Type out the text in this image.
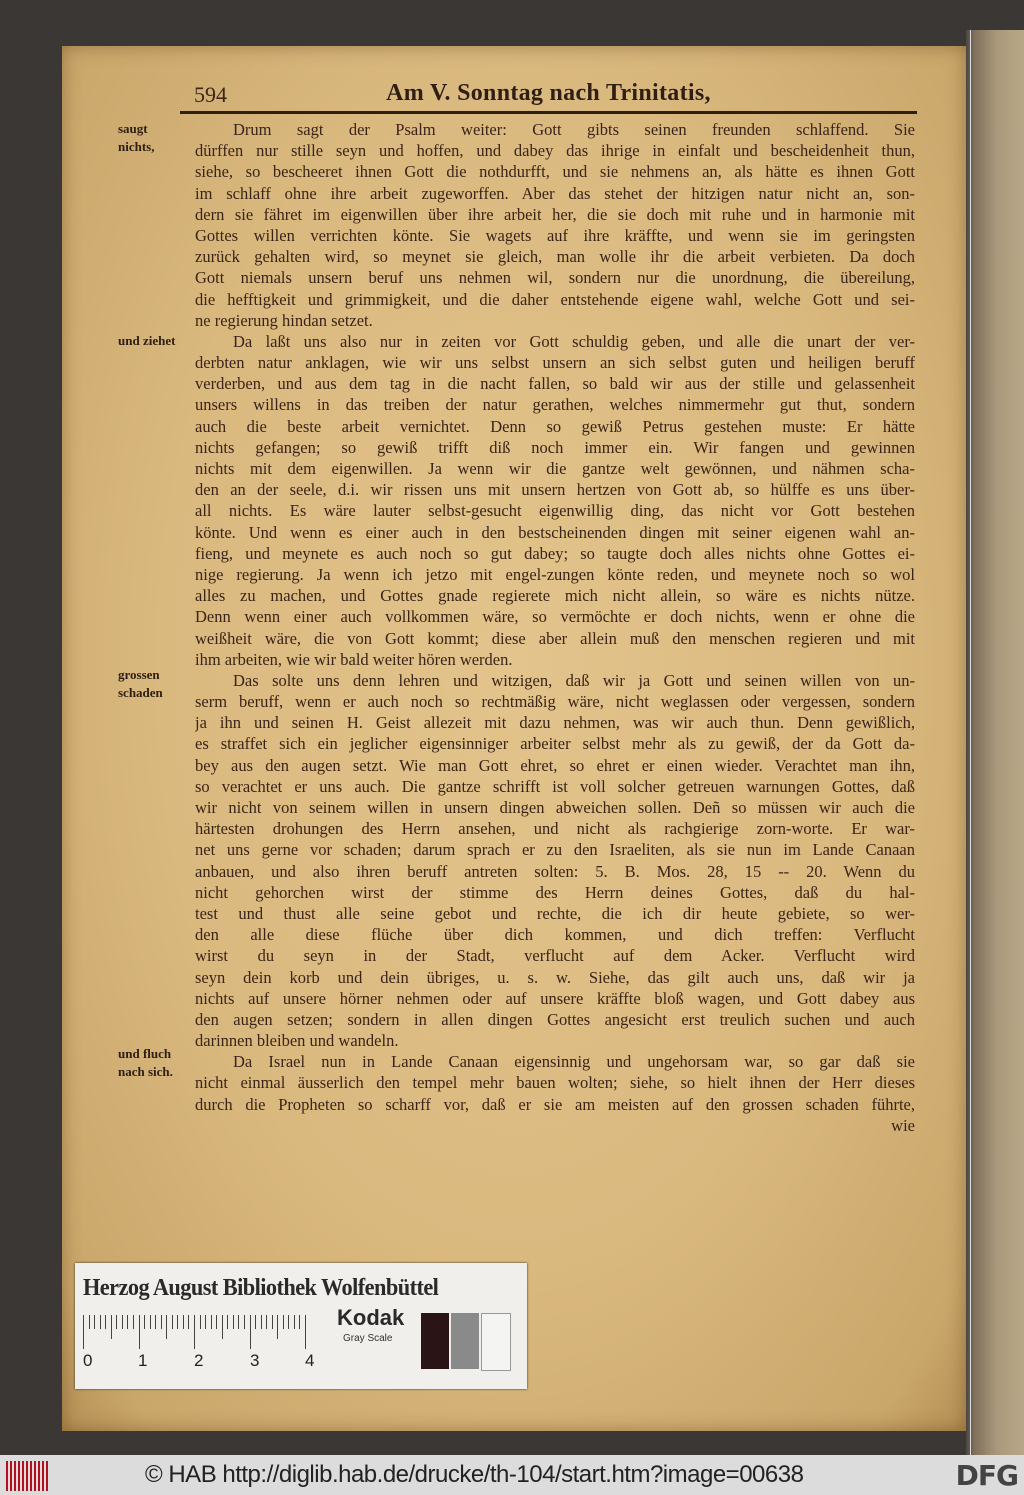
594	Am V. Sonntag nach Trinitatis,
saugt
nichts,
und ziehet
grossen
schaden
und fluch
nach sich.
Drum sagt der Psalm weiter: Gott gibts seinen freunden schlaffend. Sie
dürffen nur stille seyn und hoffen, und dabey das ihrige in einfalt und bescheidenheit thun,
siehe, so bescheeret ihnen Gott die nothdurfft, und sie nehmens an, als hätte es ihnen Gott
im schlaff ohne ihre arbeit zugeworffen. Aber das stehet der hitzigen natur nicht an, son-
dern sie fähret im eigenwillen über ihre arbeit her, die sie doch mit ruhe und in harmonie mit
Gottes willen verrichten könte. Sie wagets auf ihre kräffte, und wenn sie im geringsten
zurück gehalten wird, so meynet sie gleich, man wolle ihr die arbeit verbieten. Da doch
Gott niemals unsern beruf uns nehmen wil, sondern nur die unordnung, die übereilung,
die hefftigkeit und grimmigkeit, und die daher entstehende eigene wahl, welche Gott und sei-
ne regierung hindan setzet.
Da laßt uns also nur in zeiten vor Gott schuldig geben, und alle die unart der ver-
derbten natur anklagen, wie wir uns selbst unsern an sich selbst guten und heiligen beruff
verderben, und aus dem tag in die nacht fallen, so bald wir aus der stille und gelassenheit
unsers willens in das treiben der natur gerathen, welches nimmermehr gut thut, sondern
auch die beste arbeit vernichtet. Denn so gewiß Petrus gestehen muste: Er hätte
nichts gefangen; so gewiß trifft diß noch immer ein. Wir fangen und gewinnen
nichts mit dem eigenwillen. Ja wenn wir die gantze welt gewönnen, und nähmen scha-
den an der seele, d.i. wir rissen uns mit unsern hertzen von Gott ab, so hülffe es uns über-
all nichts. Es wäre lauter selbst-gesucht eigenwillig ding, das nicht vor Gott bestehen
könte. Und wenn es einer auch in den bestscheinenden dingen mit seiner eigenen wahl an-
fieng, und meynete es auch noch so gut dabey; so taugte doch alles nichts ohne Gottes ei-
nige regierung. Ja wenn ich jetzo mit engel-zungen könte reden, und meynete noch so wol
alles zu machen, und Gottes gnade regierete mich nicht allein, so wäre es nichts nütze.
Denn wenn einer auch vollkommen wäre, so vermöchte er doch nichts, wenn er ohne die
weißheit wäre, die von Gott kommt; diese aber allein muß den menschen regieren und mit
ihm arbeiten, wie wir bald weiter hören werden.
Das solte uns denn lehren und witzigen, daß wir ja Gott und seinen willen von un-
serm beruff, wenn er auch noch so rechtmäßig wäre, nicht weglassen oder vergessen, sondern
ja ihn und seinen H. Geist allezeit mit dazu nehmen, was wir auch thun. Denn gewißlich,
es straffet sich ein jeglicher eigensinniger arbeiter selbst mehr als zu gewiß, der da Gott da-
bey aus den augen setzt. Wie man Gott ehret, so ehret er einen wieder. Verachtet man ihn,
so verachtet er uns auch. Die gantze schrifft ist voll solcher getreuen warnungen Gottes, daß
wir nicht von seinem willen in unsern dingen abweichen sollen. Deñ so müssen wir auch die
härtesten drohungen des Herrn ansehen, und nicht als rachgierige zorn-worte. Er war-
net uns gerne vor schaden; darum sprach er zu den Israeliten, als sie nun im Lande Canaan
anbauen, und also ihren beruff antreten solten: 5. B. Mos. 28, 15 -- 20. Wenn du
nicht gehorchen wirst der stimme des Herrn deines Gottes, daß du hal-
test und thust alle seine gebot und rechte, die ich dir heute gebiete, so wer-
den alle diese flüche über dich kommen, und dich treffen: Verflucht
wirst du seyn in der Stadt, verflucht auf dem Acker. Verflucht wird
seyn dein korb und dein übriges, u. s. w. Siehe, das gilt auch uns, daß wir ja
nichts auf unsere hörner nehmen oder auf unsere kräffte bloß wagen, und Gott dabey aus
den augen setzen; sondern in allen dingen Gottes angesicht erst treulich suchen und auch
darinnen bleiben und wandeln.
Da Israel nun in Lande Canaan eigensinnig und ungehorsam war, so gar daß sie
nicht einmal äusserlich den tempel mehr bauen wolten; siehe, so hielt ihnen der Herr dieses
durch die Propheten so scharff vor, daß er sie am meisten auf den grossen schaden führte,
wie
Herzog August Bibliothek Wolfenbüttel
0	1	2	3	4
Kodak
Gray Scale
© HAB http://diglib.hab.de/drucke/th-104/start.htm?image=00638	DFG
